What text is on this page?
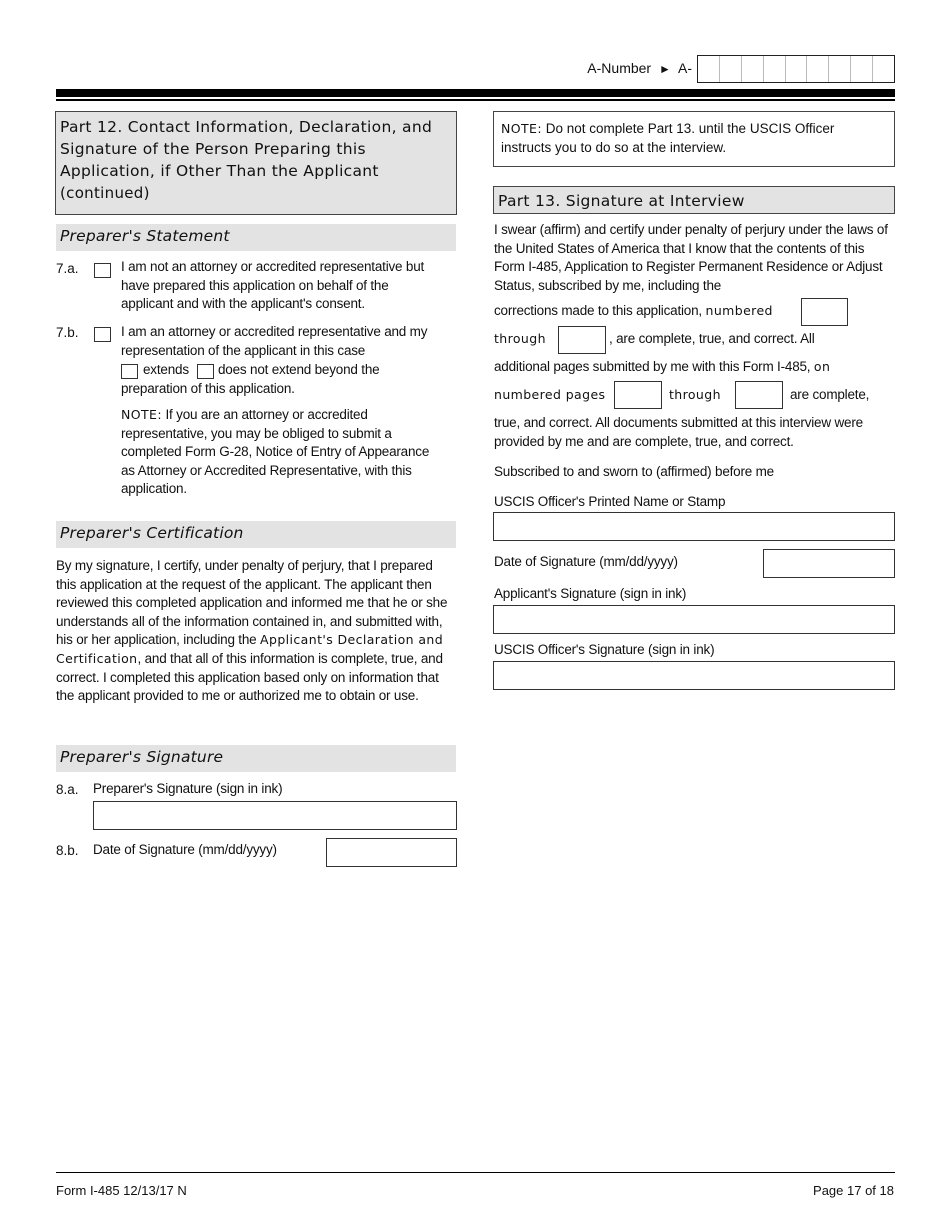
A-Number ► A-
Part 12. Contact Information, Declaration, and Signature of the Person Preparing this Application, if Other Than the Applicant (continued)
Preparer's Statement
7.a.	I am not an attorney or accredited representative but have prepared this application on behalf of the applicant and with the applicant's consent.
7.b.	I am an attorney or accredited representative and my representation of the applicant in this case
extends does not extend beyond the
preparation of this application.
NOTE: If you are an attorney or accredited representative, you may be obliged to submit a completed Form G-28, Notice of Entry of Appearance as Attorney or Accredited Representative, with this application.
Preparer's Certification
By my signature, I certify, under penalty of perjury, that I prepared this application at the request of the applicant. The applicant then reviewed this completed application and informed me that he or she understands all of the information contained in, and submitted with, his or her application, including the Applicant's Declaration and Certification, and that all of this information is complete, true, and correct. I completed this application based only on information that the applicant provided to me or authorized me to obtain or use.
Preparer's Signature
8.a. Preparer's Signature (sign in ink)
8.b. Date of Signature (mm/dd/yyyy)
NOTE: Do not complete Part 13. until the USCIS Officer instructs you to do so at the interview.
Part 13. Signature at Interview
I swear (affirm) and certify under penalty of perjury under the laws of the United States of America that I know that the contents of this Form I-485, Application to Register Permanent Residence or Adjust Status, subscribed by me, including the
corrections made to this application, numbered
through	, are complete, true, and correct. All
additional pages submitted by me with this Form I-485, on
numbered pages	through	are complete,
true, and correct. All documents submitted at this interview were provided by me and are complete, true, and correct.
Subscribed to and sworn to (affirmed) before me
USCIS Officer's Printed Name or Stamp
Date of Signature (mm/dd/yyyy)
Applicant's Signature (sign in ink)
USCIS Officer's Signature (sign in ink)
Form I-485 12/13/17 N	Page 17 of 18
